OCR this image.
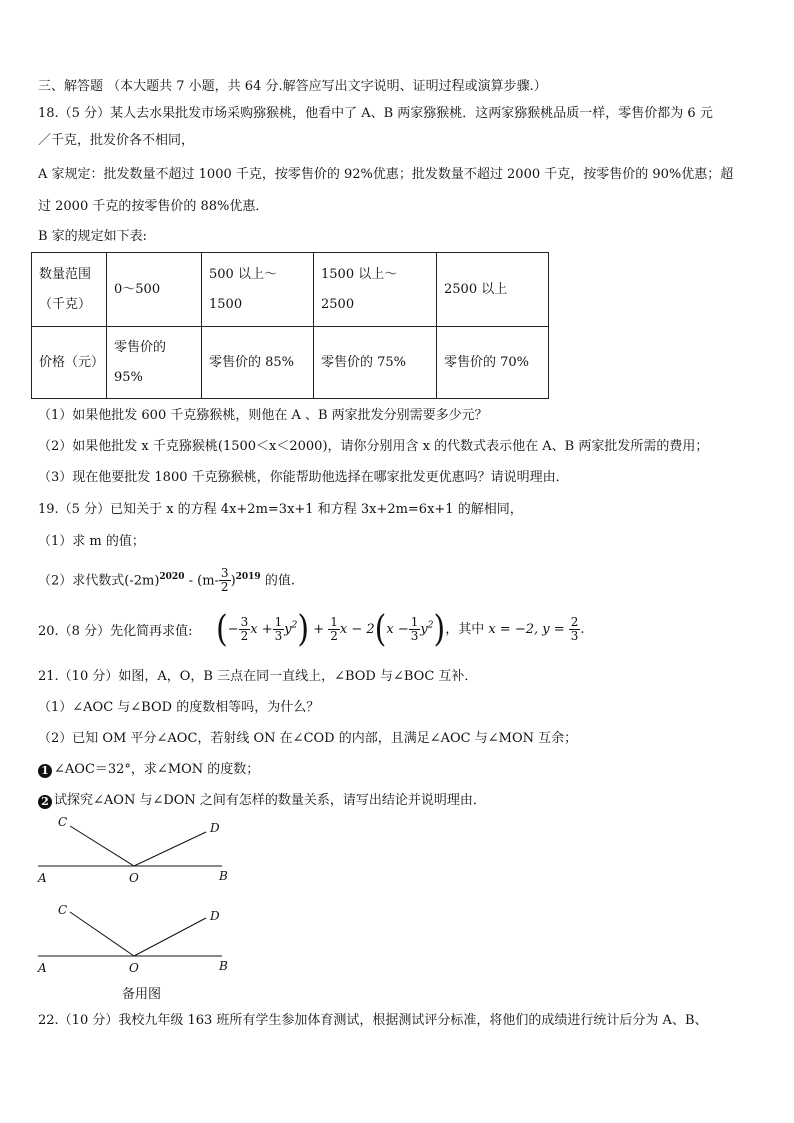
三、解答题 （本大题共 7 小题，共 64 分.解答应写出文字说明、证明过程或演算步骤.）
18.（5 分）某人去水果批发市场采购猕猴桃，他看中了 A、B 两家猕猴桃．这两家猕猴桃品质一样，零售价都为 6 元
／千克，批发价各不相同，
A 家规定：批发数量不超过 1000 千克，按零售价的 92%优惠；批发数量不超过 2000 千克，按零售价的 90%优惠；超
过 2000 千克的按零售价的 88%优惠．
B 家的规定如下表:
数量范围
（千克）	0～500	500 以上～1500	1500 以上～2500	2500 以上
价格（元）	零售价的
95%	零售价的 85%	零售价的 75%	零售价的 70%
（1）如果他批发 600 千克猕猴桃，则他在 A 、B 两家批发分别需要多少元？
（2）如果他批发 x 千克猕猴桃(1500＜x＜2000)，请你分别用含 x 的代数式表示他在 A、B 两家批发所需的费用；
（3）现在他要批发 1800 千克猕猴桃，你能帮助他选择在哪家批发更优惠吗？请说明理由．
19.（5 分）已知关于 x 的方程 4x+2m=3x+1 和方程 3x+2m=6x+1 的解相同，
（1）求 m 的值；
（2）求代数式$(-2m)^{2020} - (m- \frac{3}{2} )^{2019}$ 的值.
20.（8 分）先化简再求值: (− $\frac{3}{2}$ $x + \frac{1}{3} y^2) + \frac{1}{2}$ $x - 2(x - \frac{1}{3} y^2)$，其中 x = −2, $y = \frac{2}{3}$ .
21.（10 分）如图，A，O，B 三点在同一直线上，∠BOD 与∠BOC 互补．
（1）∠AOC 与∠BOD 的度数相等吗，为什么？
（2）已知 OM 平分∠AOC，若射线 ON 在∠COD 的内部，且满足∠AOC 与∠MON 互余；
1 ∠AOC＝32°，求∠MON 的度数；
2 试探究∠AON 与∠DON 之间有怎样的数量关系，请写出结论并说明理由．
C	D
A	O	B
C	D
A	O	B
备用图
22.（10 分）我校九年级 163 班所有学生参加体育测试，根据测试评分标准，将他们的成绩进行统计后分为 A、B、
